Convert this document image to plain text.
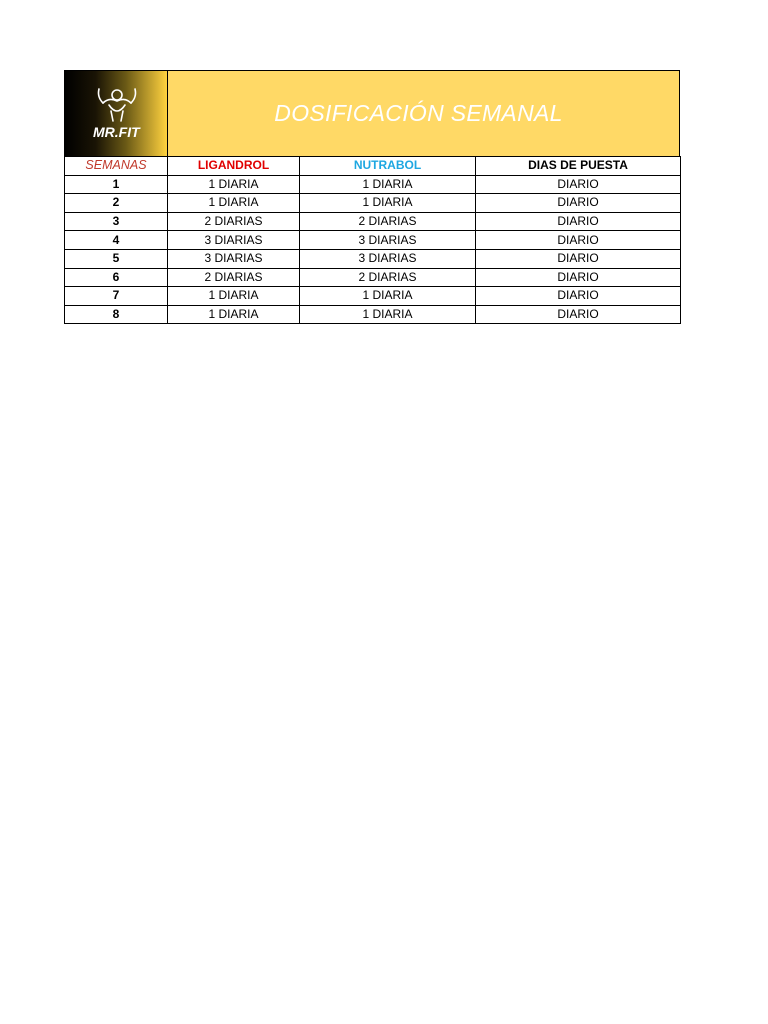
MR.FIT
DOSIFICACIÓN SEMANAL
SEMANAS	LIGANDROL	NUTRABOL	DIAS DE PUESTA
1	1 DIARIA	1 DIARIA	DIARIO
2	1 DIARIA	1 DIARIA	DIARIO
3	2 DIARIAS	2 DIARIAS	DIARIO
4	3 DIARIAS	3 DIARIAS	DIARIO
5	3 DIARIAS	3 DIARIAS	DIARIO
6	2 DIARIAS	2 DIARIAS	DIARIO
7	1 DIARIA	1 DIARIA	DIARIO
8	1 DIARIA	1 DIARIA	DIARIO
